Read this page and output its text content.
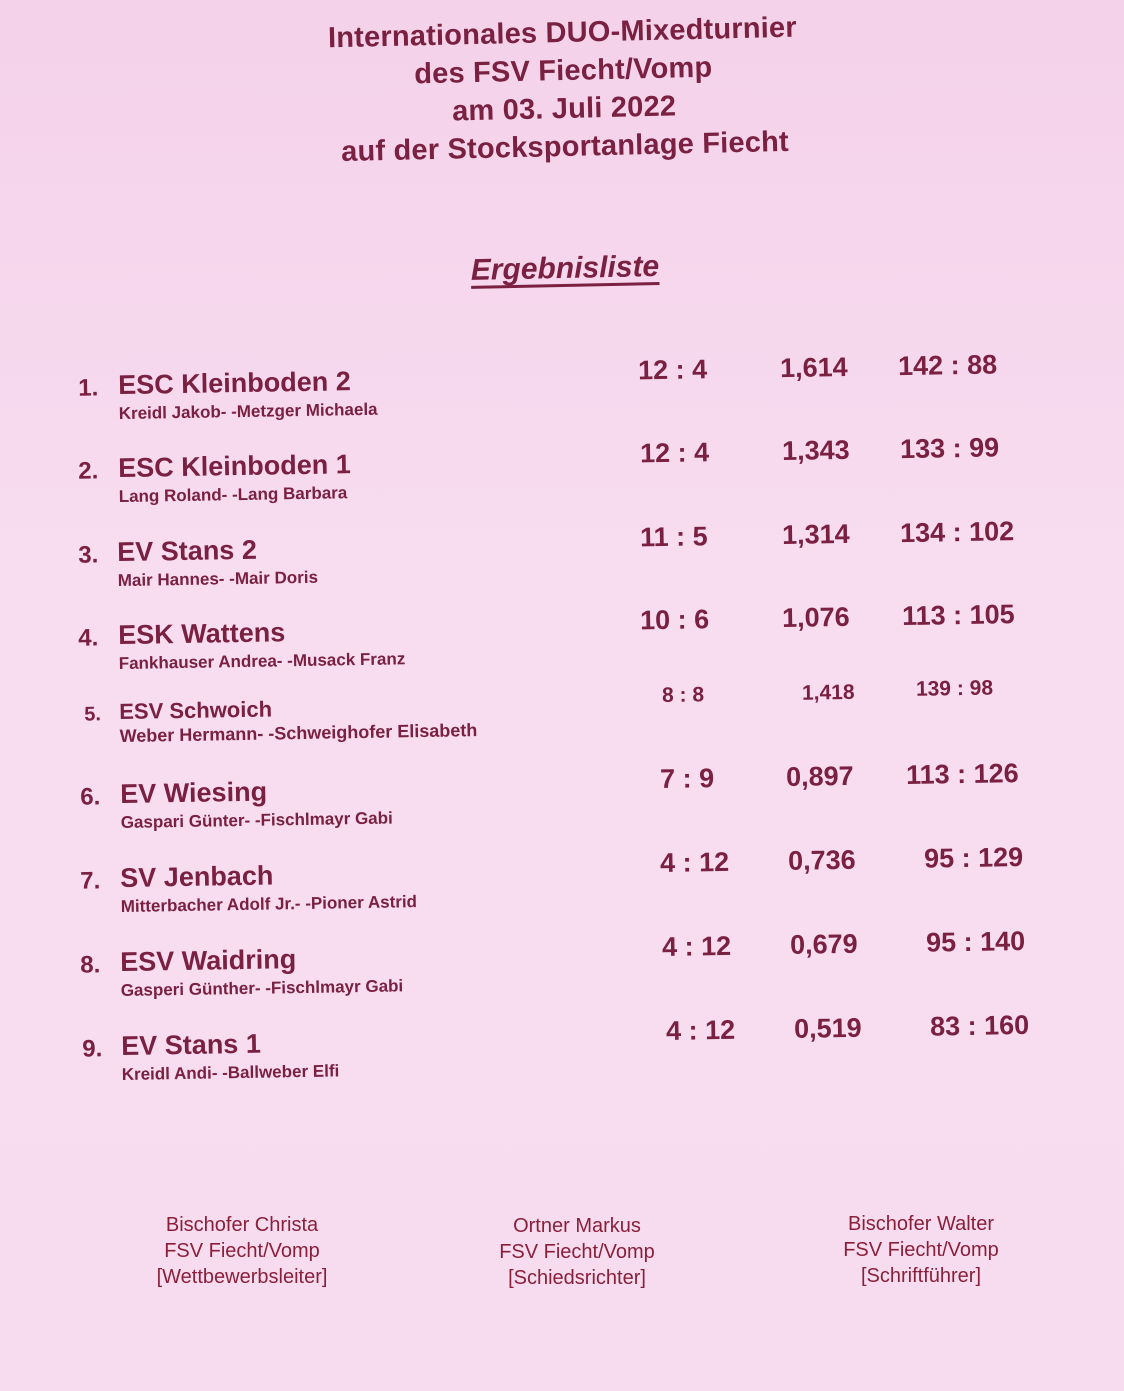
Internationales DUO-Mixedturnier
des FSV Fiecht/Vomp
am 03. Juli 2022
auf der Stocksportanlage Fiecht
Ergebnisliste
1. ESC Kleinboden 2
Kreidl Jakob- -Metzger Michaela
12 : 4	1,614 142 : 88
2. ESC Kleinboden 1
Lang Roland- -Lang Barbara
12 : 4	1,343 133 : 99
3. EV Stans 2
Mair Hannes- -Mair Doris
11 : 5	1,314 134 : 102
4. ESK Wattens
Fankhauser Andrea- -Musack Franz
10 : 6	1,076 113 : 105
5. ESV Schwoich
Weber Hermann- -Schweighofer Elisabeth
8 : 8	1,418	139 : 98
6. EV Wiesing
Gaspari Günter- -Fischlmayr Gabi
7 : 9	0,897 113 : 126
7. SV Jenbach
Mitterbacher Adolf Jr.- -Pioner Astrid
4 : 12 0,736	95 : 129
8. ESV Waidring
Gasperi Günther- -Fischlmayr Gabi
4 : 12 0,679	95 : 140
9. EV Stans 1
Kreidl Andi- -Ballweber Elfi
4 : 12 0,519	83 : 160
Bischofer Christa
FSV Fiecht/Vomp
[Wettbewerbsleiter]
Ortner Markus
FSV Fiecht/Vomp
[Schiedsrichter]
Bischofer Walter
FSV Fiecht/Vomp
[Schriftführer]
